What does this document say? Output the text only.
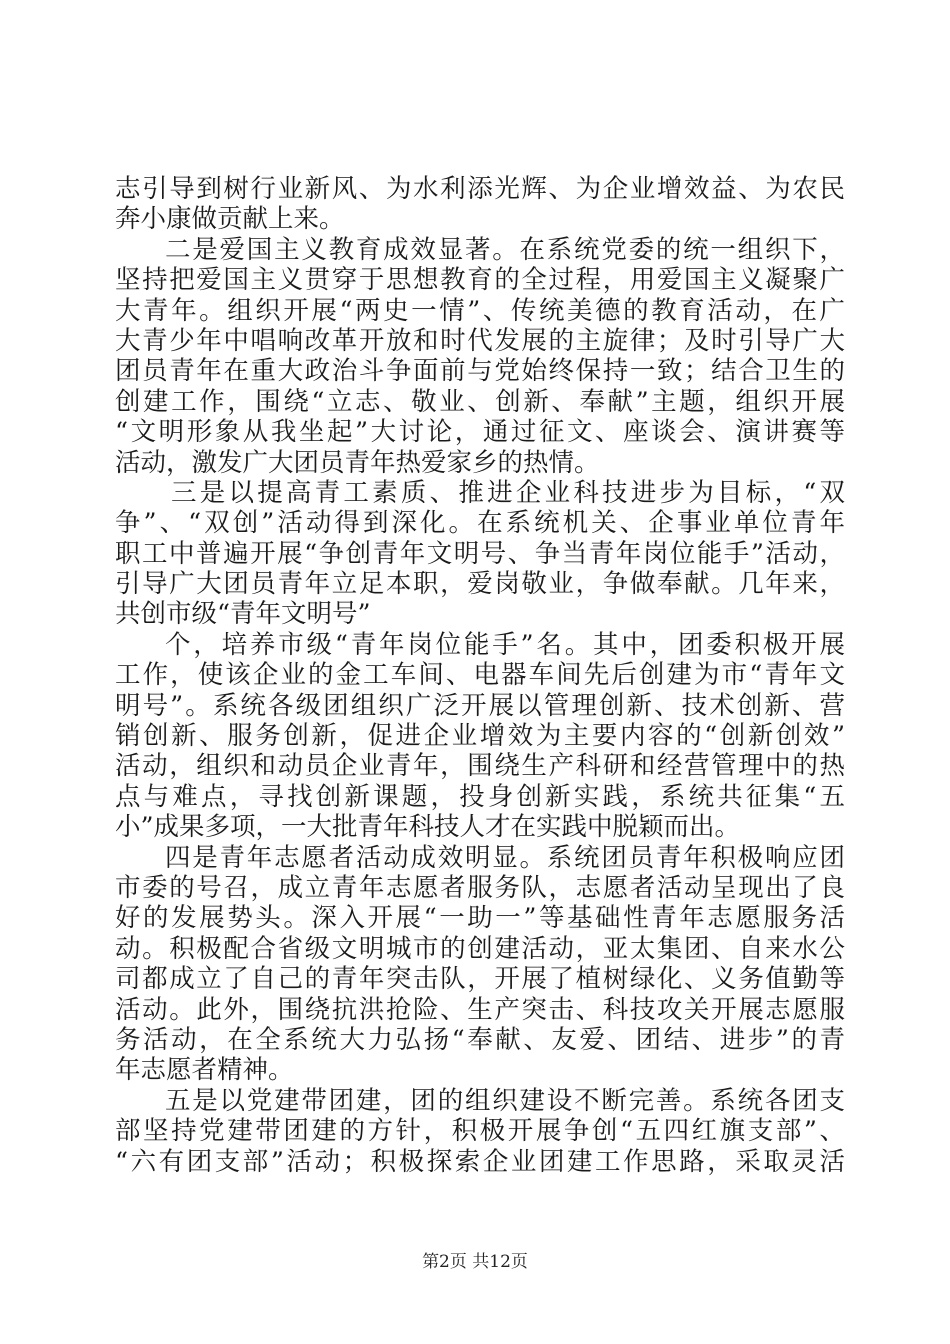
志引导到树行业新风、为水利添光辉、为企业增效益、为农民
奔小康做贡献上来。
二是爱国主义教育成效显著。在系统党委的统一组织下，
坚持把爱国主义贯穿于思想教育的全过程，用爱国主义凝聚广
大青年。组织开展“两史一情”、传统美德的教育活动，在广
大青少年中唱响改革开放和时代发展的主旋律；及时引导广大
团员青年在重大政治斗争面前与党始终保持一致；结合卫生的
创建工作，围绕“立志、敬业、创新、奉献”主题，组织开展
“文明形象从我坐起”大讨论，通过征文、座谈会、演讲赛等
活动，激发广大团员青年热爱家乡的热情。
三是以提高青工素质、推进企业科技进步为目标，“双
争”、“双创”活动得到深化。在系统机关、企事业单位青年
职工中普遍开展“争创青年文明号、争当青年岗位能手”活动，
引导广大团员青年立足本职，爱岗敬业，争做奉献。几年来，
共创市级“青年文明号”
个，培养市级“青年岗位能手”名。其中，团委积极开展
工作，使该企业的金工车间、电器车间先后创建为市“青年文
明号”。系统各级团组织广泛开展以管理创新、技术创新、营
销创新、服务创新，促进企业增效为主要内容的“创新创效”
活动，组织和动员企业青年，围绕生产科研和经营管理中的热
点与难点，寻找创新课题，投身创新实践，系统共征集“五
小”成果多项，一大批青年科技人才在实践中脱颖而出。
四是青年志愿者活动成效明显。系统团员青年积极响应团
市委的号召，成立青年志愿者服务队，志愿者活动呈现出了良
好的发展势头。深入开展“一助一”等基础性青年志愿服务活
动。积极配合省级文明城市的创建活动，亚太集团、自来水公
司都成立了自己的青年突击队，开展了植树绿化、义务值勤等
活动。此外，围绕抗洪抢险、生产突击、科技攻关开展志愿服
务活动，在全系统大力弘扬“奉献、友爱、团结、进步”的青
年志愿者精神。
五是以党建带团建，团的组织建设不断完善。系统各团支
部坚持党建带团建的方针，积极开展争创“五四红旗支部”、
“六有团支部”活动；积极探索企业团建工作思路，采取灵活
第2页 共12页
